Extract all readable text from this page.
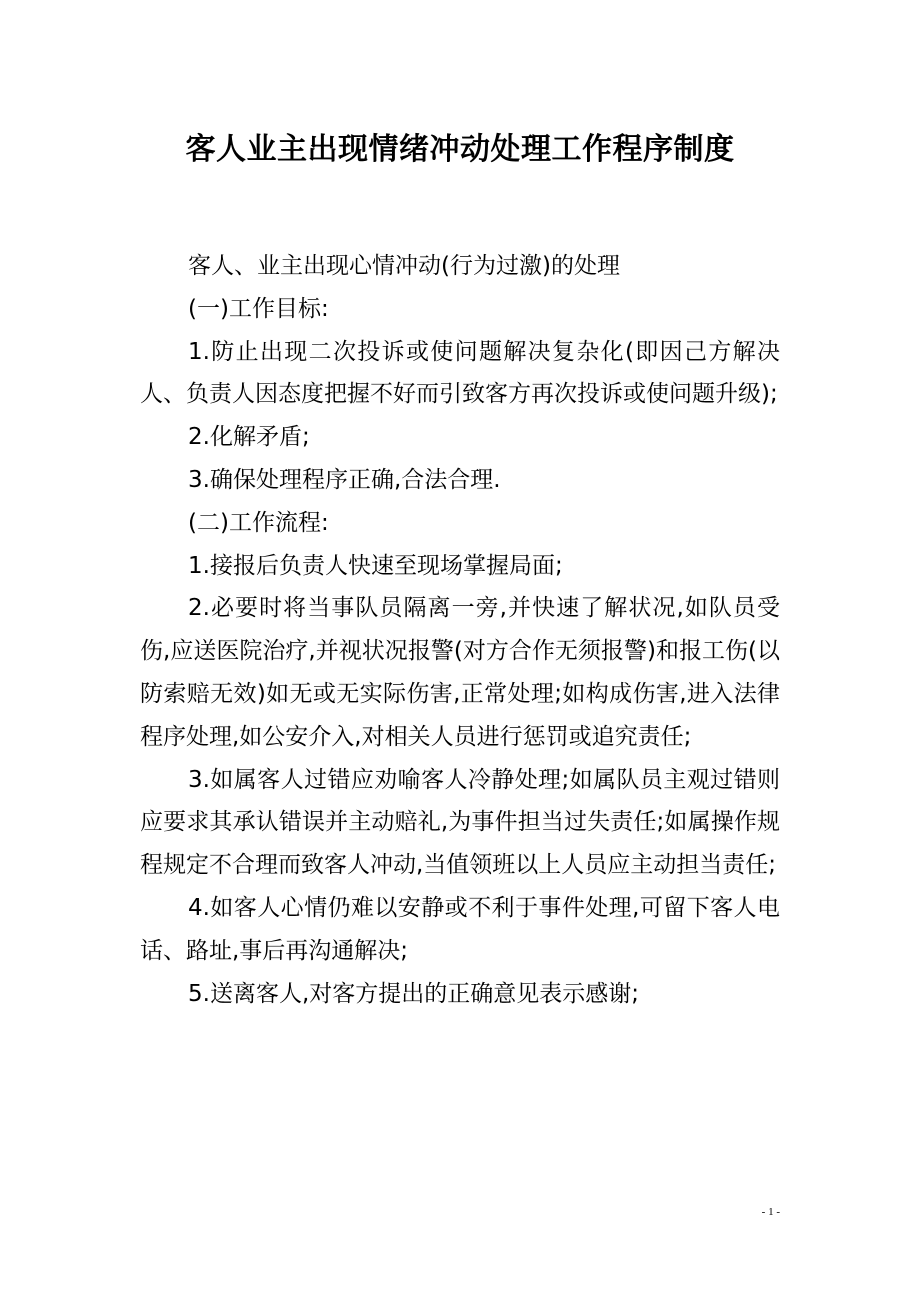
客人业主出现情绪冲动处理工作程序制度

客人、业主出现心情冲动(行为过激)的处理

(一)工作目标:

1.防止出现二次投诉或使问题解决复杂化(即因己方解决人、负责人因态度把握不好而引致客方再次投诉或使问题升级);

2.化解矛盾;

3.确保处理程序正确,合法合理.

(二)工作流程:

1.接报后负责人快速至现场掌握局面;

2.必要时将当事队员隔离一旁,并快速了解状况,如队员受伤,应送医院治疗,并视状况报警(对方合作无须报警)和报工伤(以防索赔无效)如无或无实际伤害,正常处理;如构成伤害,进入法律程序处理,如公安介入,对相关人员进行惩罚或追究责任;

3.如属客人过错应劝喻客人冷静处理;如属队员主观过错则应要求其承认错误并主动赔礼,为事件担当过失责任;如属操作规程规定不合理而致客人冲动,当值领班以上人员应主动担当责任;

4.如客人心情仍难以安静或不利于事件处理,可留下客人电话、路址,事后再沟通解决;

5.送离客人,对客方提出的正确意见表示感谢;

- 1 -
